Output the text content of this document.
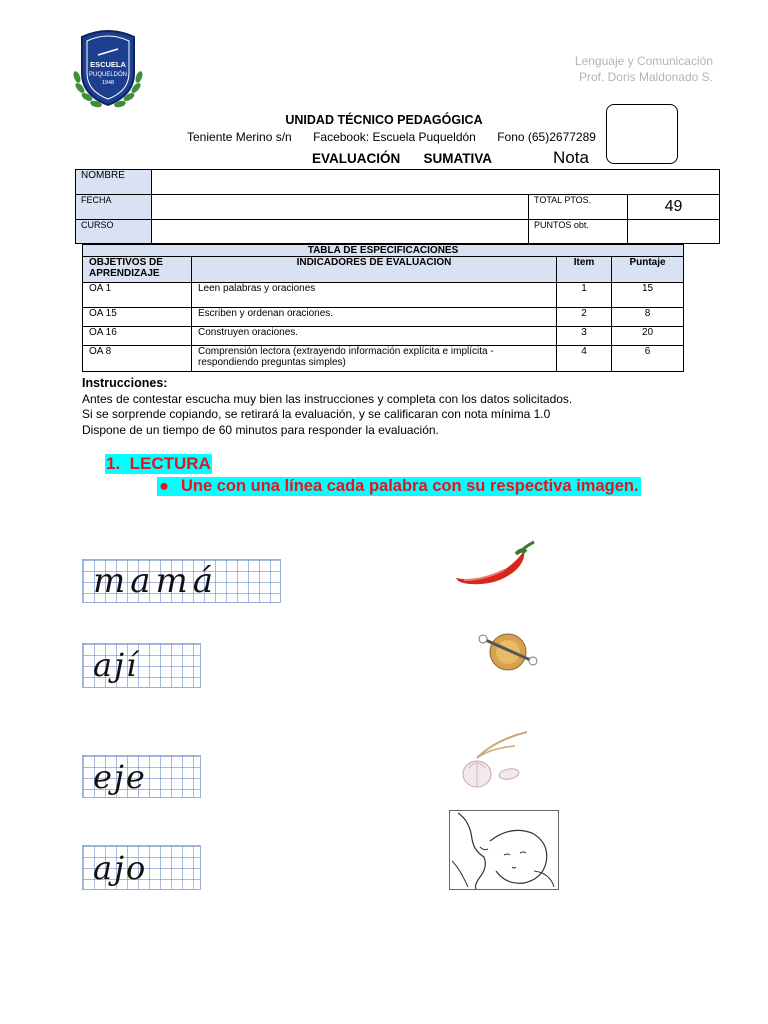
ESCUELA
PUQUELDÓN
1948
Lenguaje y Comunicación
Prof. Doris Maldonado S.
UNIDAD TÉCNICO PEDAGÓGICA
Teniente Merino s/n Facebook: Escuela Puqueldón Fono (65)2677289
EVALUACIÓN   SUMATIVA	Nota
NOMBRE			
FECHA		TOTAL PTOS.	49
CURSO		PUNTOS obt.	
TABLA DE ESPECIFICACIONES			
OBJETIVOS DE APRENDIZAJE	INDICADORES DE EVALUACION	Item	Puntaje
OA 1	Leen palabras y oraciones	1	15
OA 15	Escriben y ordenan oraciones.	2	8
OA 16	Construyen oraciones.	3	20
OA 8	Comprensión lectora (extrayendo información explícita e implícita - respondiendo preguntas simples)	4	6
Instrucciones:
Antes de contestar escucha muy bien las instrucciones y completa con los datos solicitados.
Si se sorprende copiando, se retirará la evaluación, y se calificaran con nota mínima 1.0
Dispone de un tiempo de 60 minutos para responder la evaluación.
1.  LECTURA
● Une con una línea cada palabra con su respectiva imagen.
mamá
ají
eje
ajo
